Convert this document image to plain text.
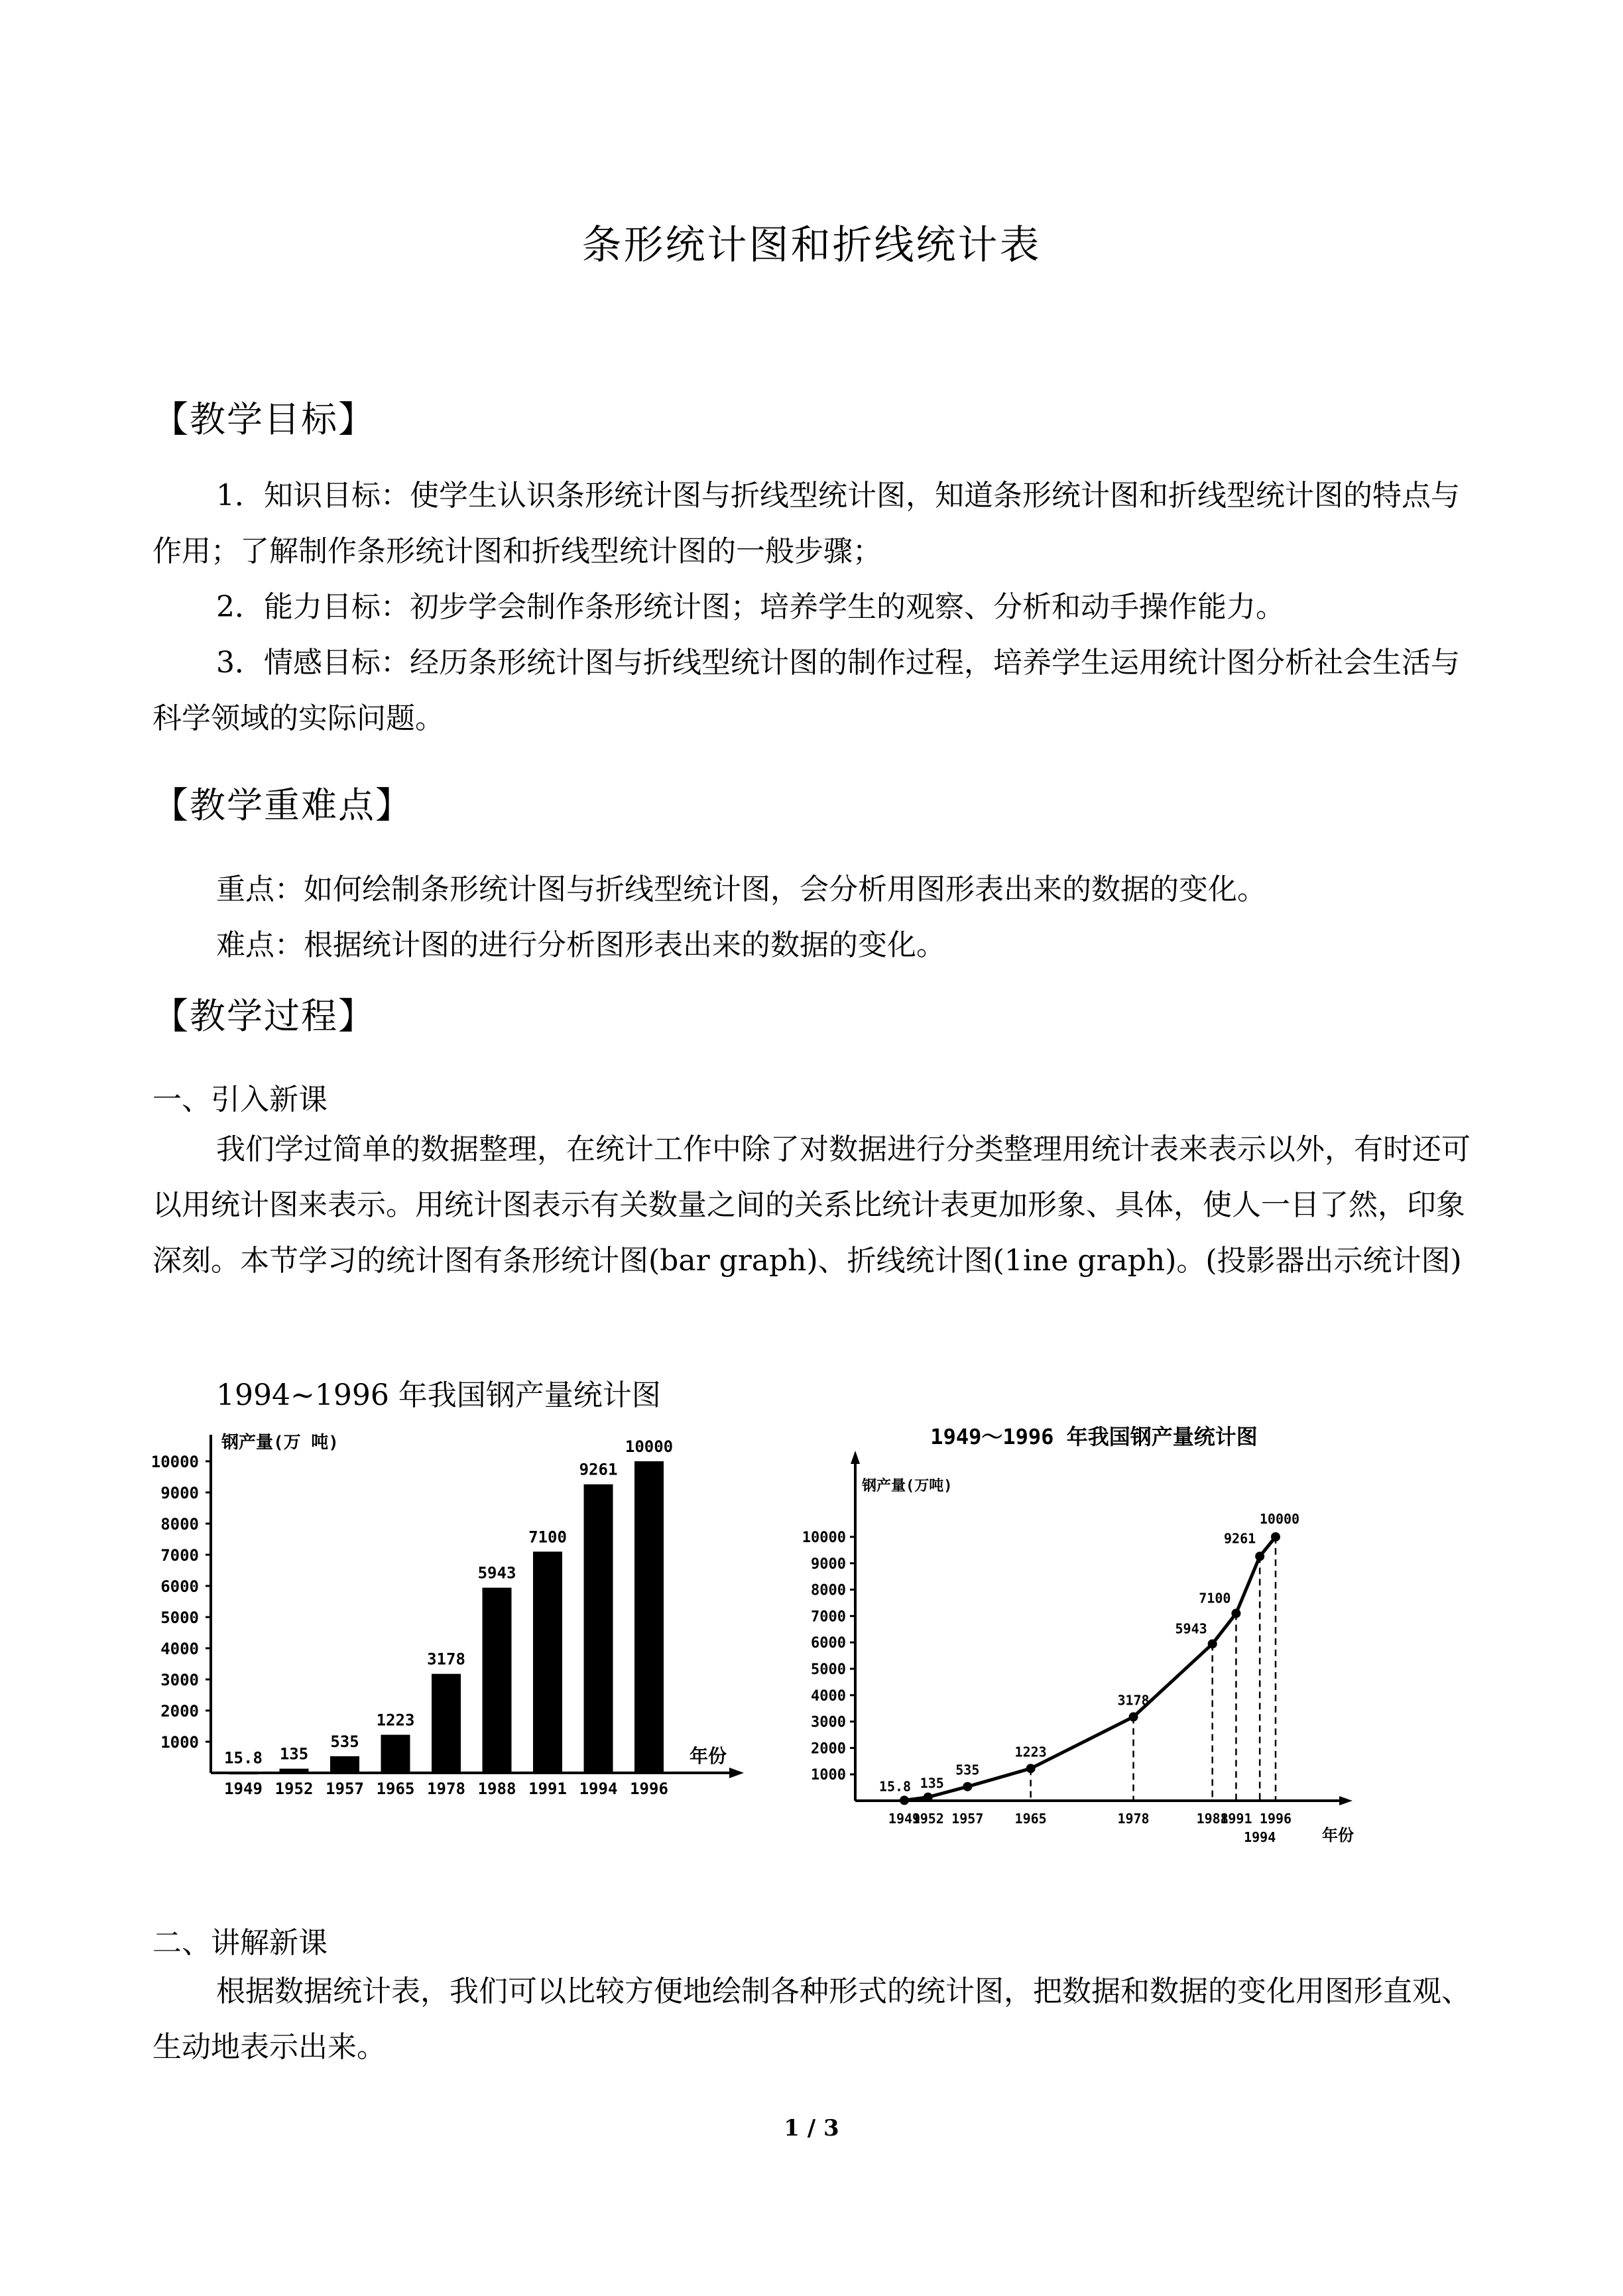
条形统计图和折线统计表
【教学目标】
1．知识目标：使学生认识条形统计图与折线型统计图，知道条形统计图和折线型统计图的特点与作用；了解制作条形统计图和折线型统计图的一般步骤；
2．能力目标：初步学会制作条形统计图；培养学生的观察、分析和动手操作能力。
3．情感目标：经历条形统计图与折线型统计图的制作过程，培养学生运用统计图分析社会生活与科学领域的实际问题。
【教学重难点】
重点：如何绘制条形统计图与折线型统计图，会分析用图形表出来的数据的变化。
难点：根据统计图的进行分析图形表出来的数据的变化。
【教学过程】
一、引入新课
我们学过简单的数据整理，在统计工作中除了对数据进行分类整理用统计表来表示以外，有时还可以用统计图来表示。用统计图表示有关数量之间的关系比统计表更加形象、具体，使人一目了然，印象深刻。本节学习的统计图有条形统计图(bar graph)、折线统计图(1ine graph)。(投影器出示统计图)
1994~1996 年我国钢产量统计图
钢产量(万 吨)
年份
1000
2000
3000
4000
5000
6000
7000
8000
9000
10000
15.8
1949
135
1952
535
1957
1223
1965
3178
1978
5943
1988
7100
1991
9261
1994
10000
1996
1949～1996 年我国钢产量统计图
钢产量(万吨)
年份
1000
2000
3000
4000
5000
6000
7000
8000
9000
10000
15.8 135
535
1223
3178
5943
7100
9261
10000
1949
1952 1957 1965	1978	1988
1991
1994
1996
二、讲解新课
根据数据统计表，我们可以比较方便地绘制各种形式的统计图，把数据和数据的变化用图形直观、生动地表示出来。
1 / 3
